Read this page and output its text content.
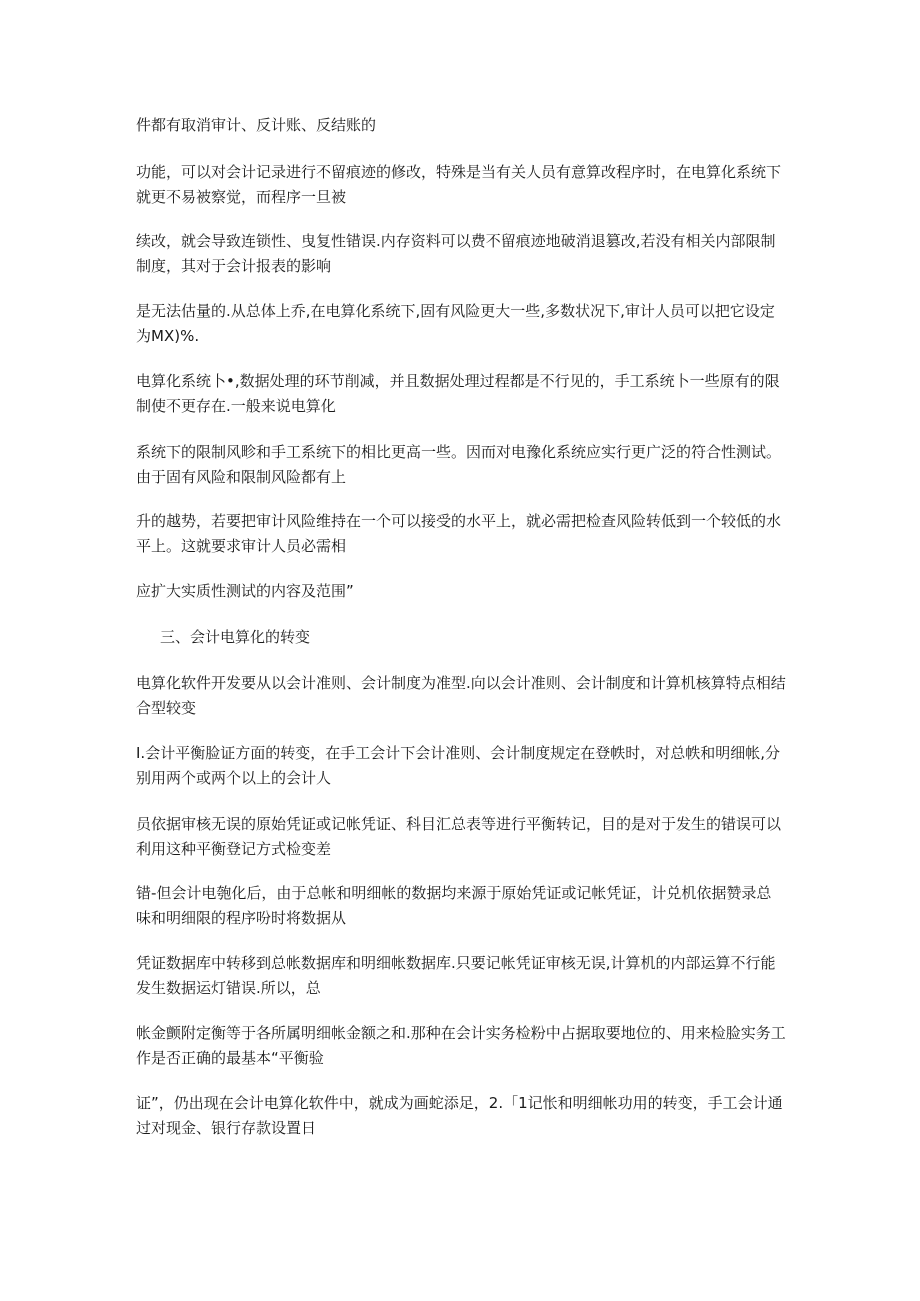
件都有取消审计、反计账、反结账的

功能，可以对会计记录进行不留痕迹的修改，特殊是当有关人员有意算改程序时，在电算化系统下就更不易被察觉，而程序一旦被

续改，就会导致连锁性、曳复性错误.内存资料可以费不留痕迹地破消退篡改,若没有相关内部限制制度，其对于会计报表的影响

是无法估量的.从总体上乔,在电算化系统下,固有风险更大一些,多数状况下,审计人员可以把它设定为MX)%.

电算化系统卜•,数据处理的环节削减，并且数据处理过程都是不行见的，手工系统卜一些原有的限制使不更存在.一般来说电算化

系统下的限制风畛和手工系统下的相比更高一些。因而对电豫化系统应实行更广泛的符合性测试。由于固有风险和限制风险都有上

升的越势，若要把审计风险维持在一个可以接受的水平上，就必需把检查风险转低到一个较低的水平上。这就要求审计人员必需相

应扩大实质性测试的内容及范围”

三、会计电算化的转变

电算化软件开发要从以会计准则、会计制度为准型.向以会计准则、会计制度和计算机核算特点相结合型较变

I.会计平衡脸证方面的转变，在手工会计下会计准则、会计制度规定在登帙时，对总帙和明细帐,分别用两个或两个以上的会计人

员依据审核无误的原始凭证或记帐凭证、科目汇总表等进行平衡转记，目的是对于发生的错误可以利用这种平衡登记方式检变差

错-但会计电匏化后，由于总帐和明细帐的数据均来源于原始凭证或记帐凭证，计兑机依据赞录总味和明细限的程序吩时将数据从

凭证数据库中转移到总帐数据库和明细帐数据库.只要记帐凭证审核无误,计算机的内部运算不行能发生数据运灯错误.所以，总

帐金颤附定衡等于各所属明细帐金额之和.那种在会计实务检粉中占据取要地位的、用来检脸实务工作是否正确的最基本“平衡验

证”，仍出现在会计电算化软件中，就成为画蛇添足，2.「1记怅和明细帐功用的转变，手工会计通过对现金、银行存款设置日
